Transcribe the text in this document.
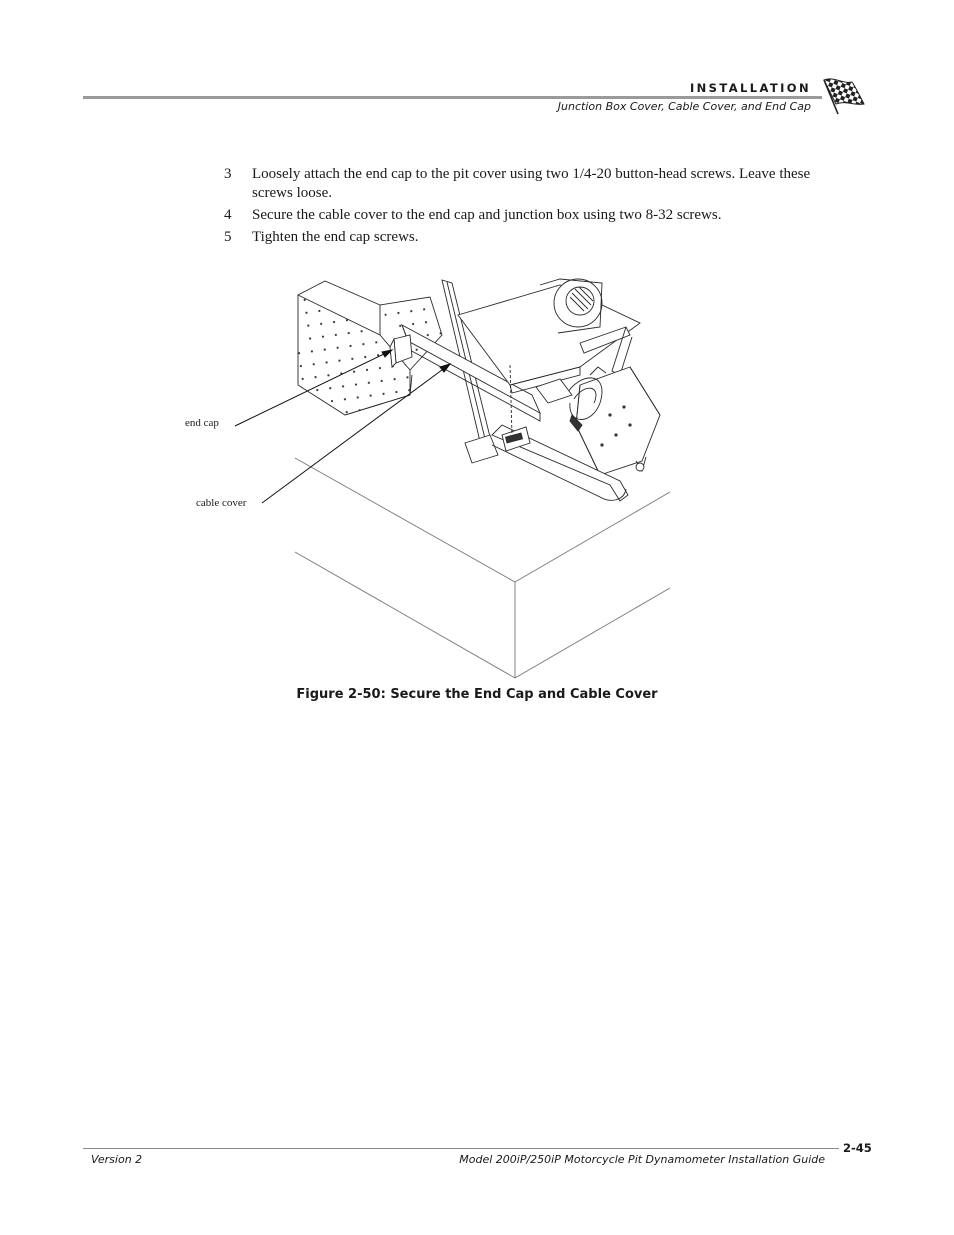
INSTALLATION
Junction Box Cover, Cable Cover, and End Cap
3	Loosely attach the end cap to the pit cover using two 1/4-20 button-head screws. Leave these screws loose.
4	Secure the cable cover to the end cap and junction box using two 8-32 screws.
5	Tighten the end cap screws.
end cap
cable cover
Figure 2-50: Secure the End Cap and Cable Cover
2-45
Version 2	Model 200iP/250iP Motorcycle Pit Dynamometer Installation Guide
